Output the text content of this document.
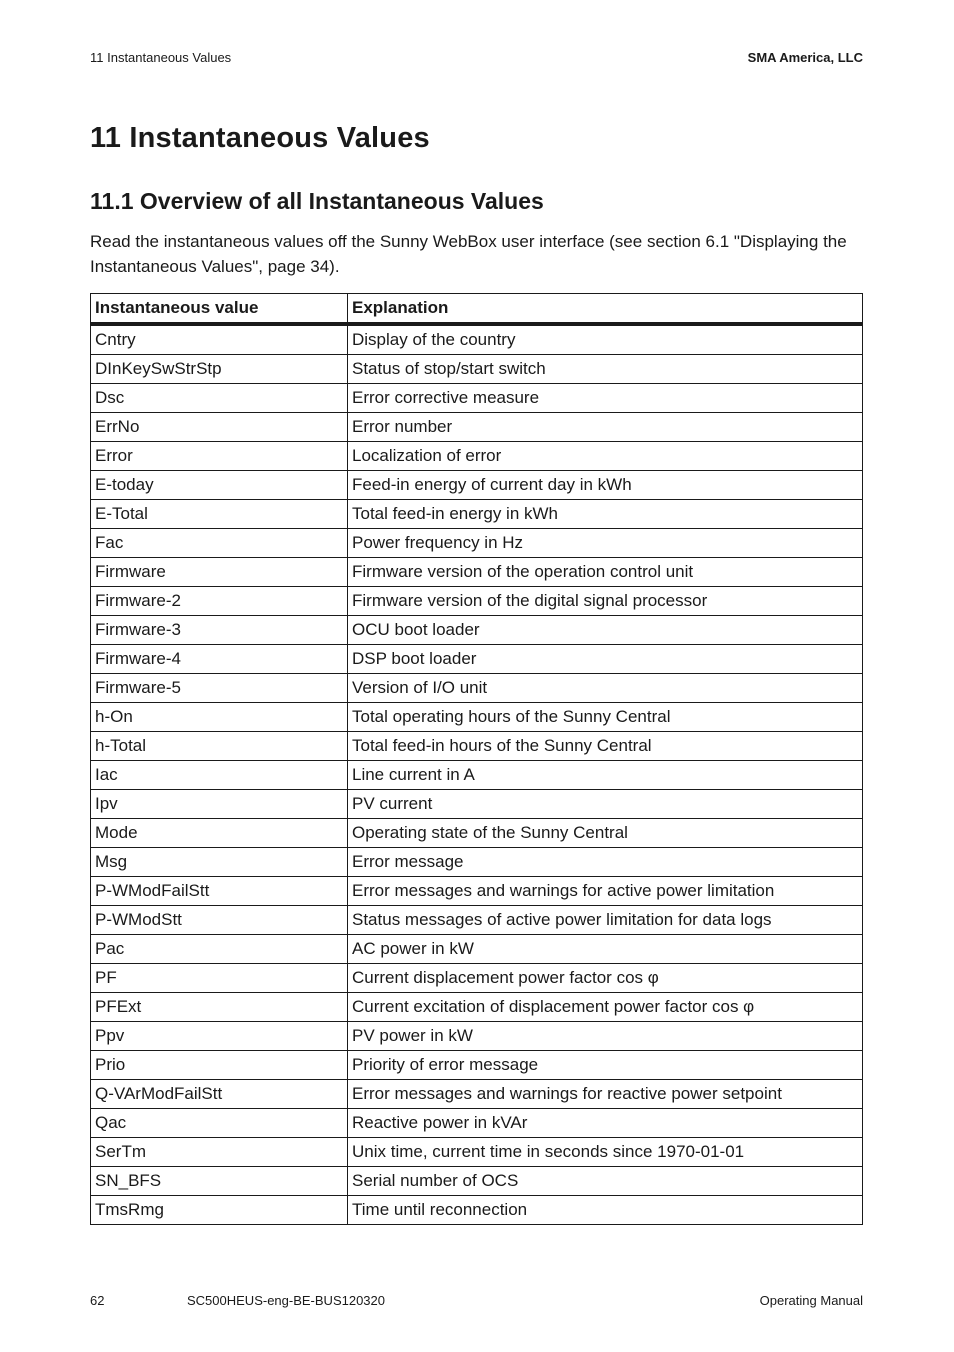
11 Instantaneous Values	SMA America, LLC
11 Instantaneous Values
11.1 Overview of all Instantaneous Values

Read the instantaneous values off the Sunny WebBox user interface (see section 6.1 "Displaying the Instantaneous Values", page 34).

Instantaneous value	Explanation
Cntry	Display of the country
DInKeySwStrStp	Status of stop/start switch
Dsc	Error corrective measure
ErrNo	Error number
Error	Localization of error
E-today	Feed-in energy of current day in kWh
E-Total	Total feed-in energy in kWh
Fac	Power frequency in Hz
Firmware	Firmware version of the operation control unit
Firmware-2	Firmware version of the digital signal processor
Firmware-3	OCU boot loader
Firmware-4	DSP boot loader
Firmware-5	Version of I/O unit
h-On	Total operating hours of the Sunny Central
h-Total	Total feed-in hours of the Sunny Central
Iac	Line current in A
Ipv	PV current
Mode	Operating state of the Sunny Central
Msg	Error message
P-WModFailStt	Error messages and warnings for active power limitation
P-WModStt	Status messages of active power limitation for data logs
Pac	AC power in kW
PF	Current displacement power factor cos φ
PFExt	Current excitation of displacement power factor cos φ
Ppv	PV power in kW
Prio	Priority of error message
Q-VArModFailStt	Error messages and warnings for reactive power setpoint
Qac	Reactive power in kVAr
SerTm	Unix time, current time in seconds since 1970-01-01
SN_BFS	Serial number of OCS
TmsRmg	Time until reconnection
62	SC500HEUS-eng-BE-BUS120320	Operating Manual
